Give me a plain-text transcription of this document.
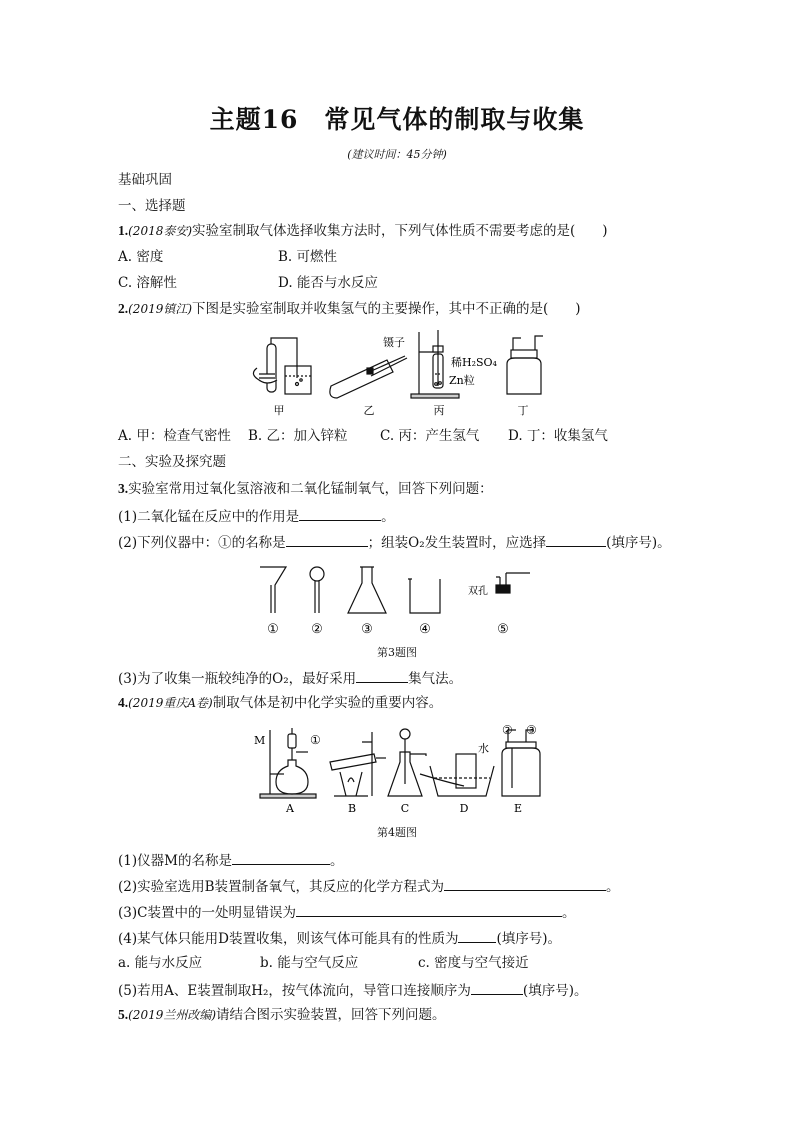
主题16　常见气体的制取与收集
(建议时间：45分钟)
基础巩固
一、选择题
1.(2018泰安)实验室制取气体选择收集方法时，下列气体性质不需要考虑的是(　　)
A. 密度	B. 可燃性
C. 溶解性	D. 能否与水反应
2.(2019镇江)下图是实验室制取并收集氢气的主要操作，其中不正确的是(　　)
镊子
稀H₂SO₄
Zn粒
甲	乙	丙	丁
A. 甲：检查气密性 B. 乙：加入锌粒 C. 丙：产生氢气 D. 丁：收集氢气
二、实验及探究题
3.实验室常用过氧化氢溶液和二氧化锰制氧气，回答下列问题：
(1)二氧化锰在反应中的作用是	。
(2)下列仪器中：①的名称是	；组装O₂发生装置时，应选择	(填序号)。
双孔
① ②	③	④	⑤
第3题图
(3)为了收集一瓶较纯净的O₂，最好采用	集气法。
4.(2019重庆A卷)制取气体是初中化学实验的重要内容。
M	①
② ③
水
A	B	C	D	E
第4题图
(1)仪器M的名称是	。
(2)实验室选用B装置制备氧气，其反应的化学方程式为	。
(3)C装置中的一处明显错误为	。
(4)某气体只能用D装置收集，则该气体可能具有的性质为	(填序号)。
a. 能与水反应	b. 能与空气反应	c. 密度与空气接近
(5)若用A、E装置制取H₂，按气体流向，导管口连接顺序为	(填序号)。
5.(2019兰州改编)请结合图示实验装置，回答下列问题。
